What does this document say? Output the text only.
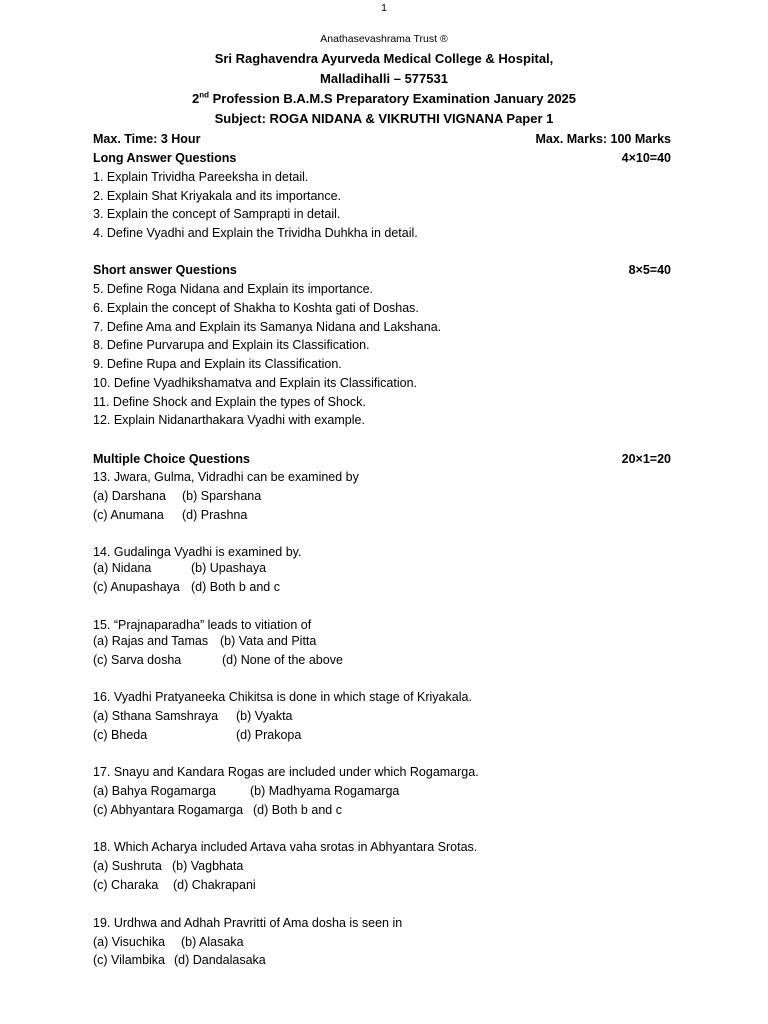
1
Anathasevashrama Trust ®
Sri Raghavendra Ayurveda Medical College & Hospital,
Malladihalli – 577531
2nd Profession B.A.M.S Preparatory Examination January 2025
Subject: ROGA NIDANA & VIKRUTHI VIGNANA Paper 1
Max. Time: 3 Hour	Max. Marks: 100 Marks
Long Answer Questions	4×10=40
1. Explain Trividha Pareeksha in detail.
2. Explain Shat Kriyakala and its importance.
3. Explain the concept of Samprapti in detail.
4. Define Vyadhi and Explain the Trividha Duhkha in detail.
Short answer Questions	8×5=40
5. Define Roga Nidana and Explain its importance.
6. Explain the concept of Shakha to Koshta gati of Doshas.
7. Define Ama and Explain its Samanya Nidana and Lakshana.
8. Define Purvarupa and Explain its Classification.
9. Define Rupa and Explain its Classification.
10. Define Vyadhikshamatva and Explain its Classification.
11. Define Shock and Explain the types of Shock.
12. Explain Nidanarthakara Vyadhi with example.
Multiple Choice Questions	20×1=20
13. Jwara, Gulma, Vidradhi can be examined by
(a) Darshana (b) Sparshana
(c) Anumana (d) Prashna
14. Gudalinga Vyadhi is examined by.
(a) Nidana	(b) Upashaya
(c) Anupashaya (d) Both b and c
15. “Prajnaparadha” leads to vitiation of
(a) Rajas and Tamas (b) Vata and Pitta
(c) Sarva dosha	(d) None of the above
16. Vyadhi Pratyaneeka Chikitsa is done in which stage of Kriyakala.
(a) Sthana Samshraya (b) Vyakta
(c) Bheda	(d) Prakopa
17. Snayu and Kandara Rogas are included under which Rogamarga.
(a) Bahya Rogamarga	(b) Madhyama Rogamarga
(c) Abhyantara Rogamarga (d) Both b and c
18. Which Acharya included Artava vaha srotas in Abhyantara Srotas.
(a) Sushruta (b) Vagbhata
(c) Charaka (d) Chakrapani
19. Urdhwa and Adhah Pravritti of Ama dosha is seen in
(a) Visuchika (b) Alasaka
(c) Vilambika (d) Dandalasaka
